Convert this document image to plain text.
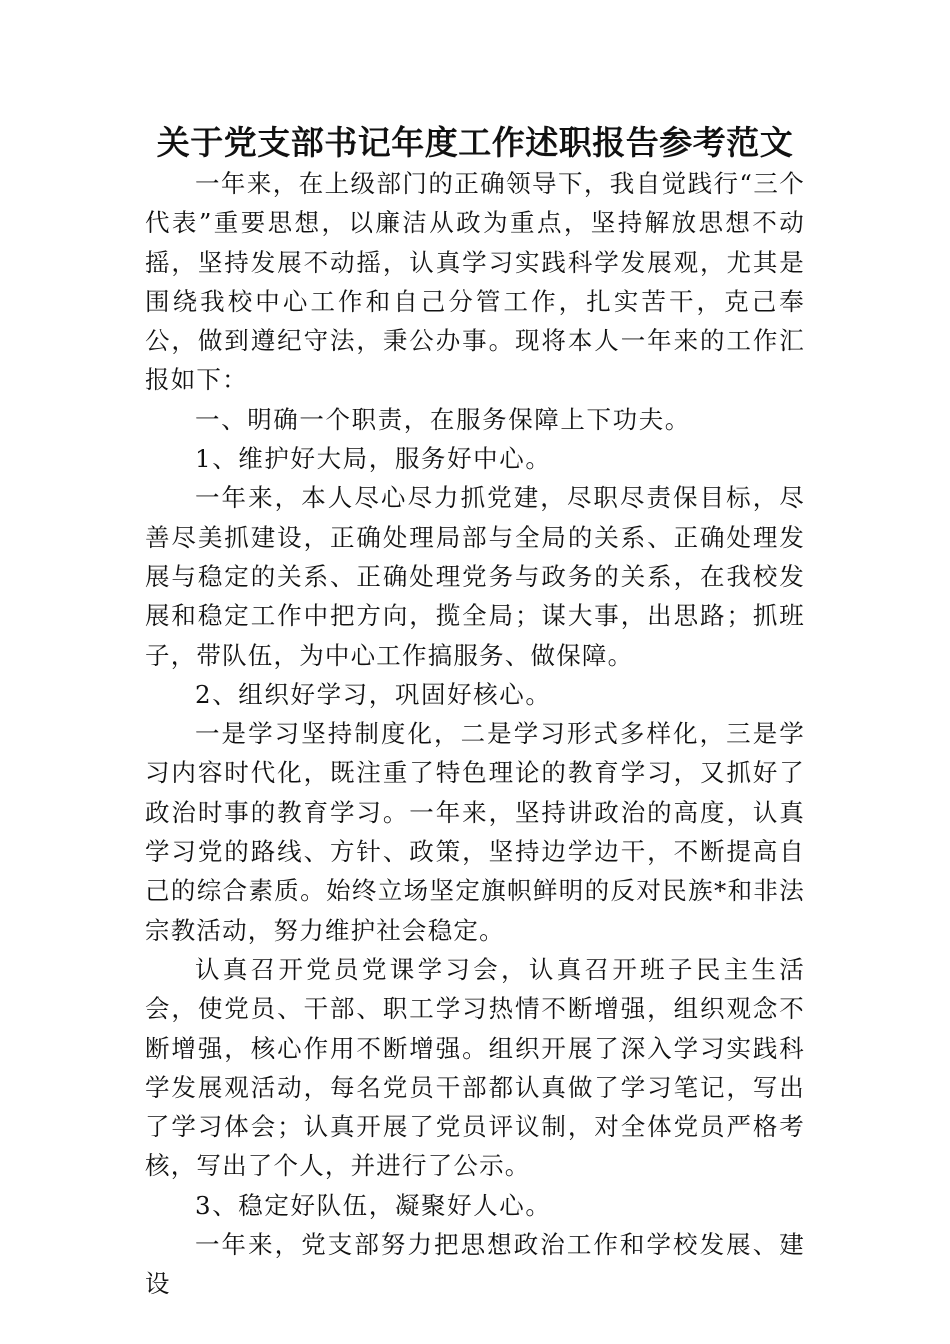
关于党支部书记年度工作述职报告参考范文

一年来，在上级部门的正确领导下，我自觉践行“三个代表”重要思想，以廉洁从政为重点，坚持解放思想不动摇，坚持发展不动摇，认真学习实践科学发展观，尤其是围绕我校中心工作和自己分管工作，扎实苦干，克己奉公，做到遵纪守法，秉公办事。现将本人一年来的工作汇报如下：

一、明确一个职责，在服务保障上下功夫。

1、维护好大局，服务好中心。

一年来，本人尽心尽力抓党建，尽职尽责保目标，尽善尽美抓建设，正确处理局部与全局的关系、正确处理发展与稳定的关系、正确处理党务与政务的关系，在我校发展和稳定工作中把方向，揽全局；谋大事，出思路；抓班子，带队伍，为中心工作搞服务、做保障。

2、组织好学习，巩固好核心。

一是学习坚持制度化，二是学习形式多样化，三是学习内容时代化，既注重了特色理论的教育学习，又抓好了政治时事的教育学习。一年来，坚持讲政治的高度，认真学习党的路线、方针、政策，坚持边学边干，不断提高自己的综合素质。始终立场坚定旗帜鲜明的反对民族*和非法宗教活动，努力维护社会稳定。

认真召开党员党课学习会，认真召开班子民主生活会，使党员、干部、职工学习热情不断增强，组织观念不断增强，核心作用不断增强。组织开展了深入学习实践科学发展观活动，每名党员干部都认真做了学习笔记，写出了学习体会；认真开展了党员评议制，对全体党员严格考核，写出了个人，并进行了公示。

3、稳定好队伍，凝聚好人心。

一年来，党支部努力把思想政治工作和学校发展、建设
